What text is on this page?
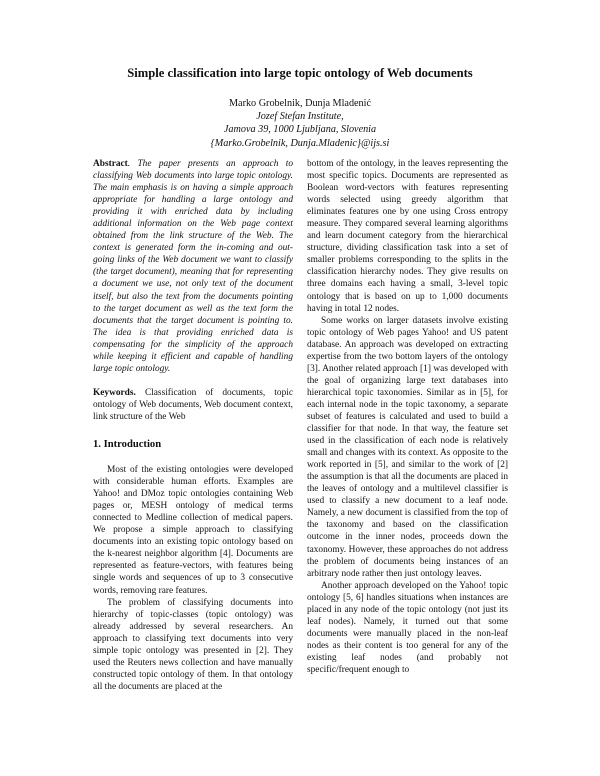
Simple classification into large topic ontology of Web documents
Marko Grobelnik, Dunja Mladenić
Jozef Stefan Institute,
Jamova 39, 1000 Ljubljana, Slovenia
{Marko.Grobelnik, Dunja.Mladenic}@ijs.si

Abstract. The paper presents an approach to classifying Web documents into large topic ontology. The main emphasis is on having a simple approach appropriate for handling a large ontology and providing it with enriched data by including additional information on the Web page context obtained from the link structure of the Web. The context is generated form the in-coming and out-going links of the Web document we want to classify (the target document), meaning that for representing a document we use, not only text of the document itself, but also the text from the documents pointing to the target document as well as the text form the documents that the target document is pointing to. The idea is that providing enriched data is compensating for the simplicity of the approach while keeping it efficient and capable of handling large topic ontology.

Keywords. Classification of documents, topic ontology of Web documents, Web document context, link structure of the Web

1. Introduction

Most of the existing ontologies were developed with considerable human efforts. Examples are Yahoo! and DMoz topic ontologies containing Web pages or, MESH ontology of medical terms connected to Medline collection of medical papers. We propose a simple approach to classifying documents into an existing topic ontology based on the k-nearest neighbor algorithm [4]. Documents are represented as feature-vectors, with features being single words and sequences of up to 3 consecutive words, removing rare features.

The problem of classifying documents into hierarchy of topic-classes (topic ontology) was already addressed by several researchers. An approach to classifying text documents into very simple topic ontology was presented in [2]. They used the Reuters news collection and have manually constructed topic ontology of them. In that ontology all the documents are placed at the

bottom of the ontology, in the leaves representing the most specific topics. Documents are represented as Boolean word-vectors with features representing words selected using greedy algorithm that eliminates features one by one using Cross entropy measure. They compared several learning algorithms and learn document category from the hierarchical structure, dividing classification task into a set of smaller problems corresponding to the splits in the classification hierarchy nodes. They give results on three domains each having a small, 3-level topic ontology that is based on up to 1,000 documents having in total 12 nodes.

Some works on larger datasets involve existing topic ontology of Web pages Yahoo! and US patent database. An approach was developed on extracting expertise from the two bottom layers of the ontology [3]. Another related approach [1] was developed with the goal of organizing large text databases into hierarchical topic taxonomies. Similar as in [5], for each internal node in the topic taxonomy, a separate subset of features is calculated and used to build a classifier for that node. In that way, the feature set used in the classification of each node is relatively small and changes with its context. As opposite to the work reported in [5], and similar to the work of [2] the assumption is that all the documents are placed in the leaves of ontology and a multilevel classifier is used to classify a new document to a leaf node. Namely, a new document is classified from the top of the taxonomy and based on the classification outcome in the inner nodes, proceeds down the taxonomy. However, these approaches do not address the problem of documents being instances of an arbitrary node rather then just ontology leaves.

Another approach developed on the Yahoo! topic ontology [5, 6] handles situations when instances are placed in any node of the topic ontology (not just its leaf nodes). Namely, it turned out that some documents were manually placed in the non-leaf nodes as their content is too general for any of the existing leaf nodes (and probably not specific/frequent enough to
